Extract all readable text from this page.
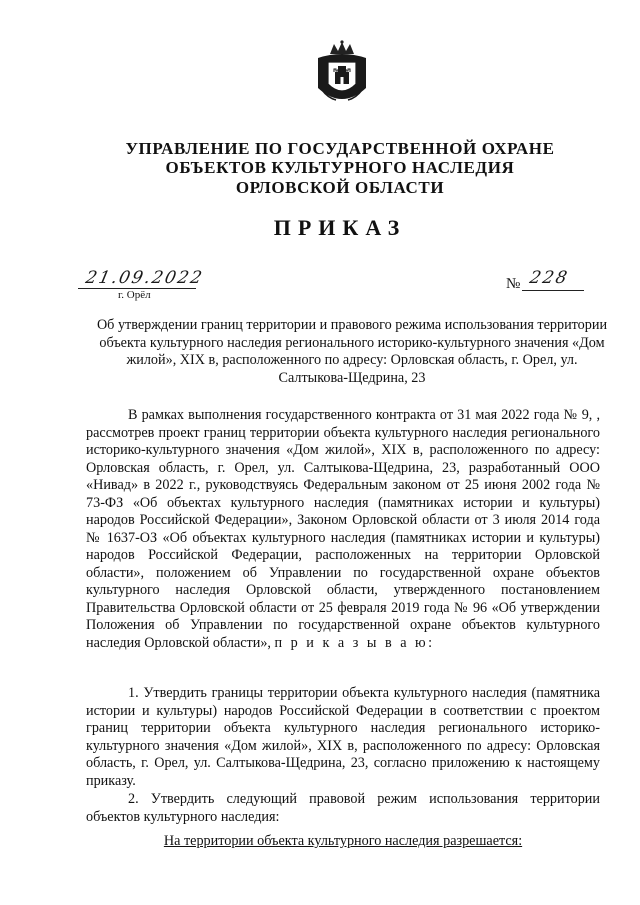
УПРАВЛЕНИЕ ПО ГОСУДАРСТВЕННОЙ ОХРАНЕ
ОБЪЕКТОВ КУЛЬТУРНОГО НАСЛЕДИЯ
ОРЛОВСКОЙ ОБЛАСТИ
ПРИКАЗ
21.09.2022
г. Орёл
№ 228
Об утверждении границ территории и правового режима использования территории объекта культурного наследия регионального историко-культурного значения «Дом жилой», XIX в, расположенного по адресу: Орловская область, г. Орел, ул. Салтыкова-Щедрина, 23
В рамках выполнения государственного контракта от 31 мая 2022 года № 9, , рассмотрев проект границ территории объекта культурного наследия регионального историко-культурного значения «Дом жилой», XIX в, расположенного по адресу: Орловская область, г. Орел, ул. Салтыкова-Щедрина, 23, разработанный ООО «Нивад» в 2022 г., руководствуясь Федеральным законом от 25 июня 2002 года № 73-ФЗ «Об объектах культурного наследия (памятниках истории и культуры) народов Российской Федерации», Законом Орловской области от 3 июля 2014 года № 1637-ОЗ «Об объектах культурного наследия (памятниках истории и культуры) народов Российской Федерации, расположенных на территории Орловской области», положением об Управлении по государственной охране объектов культурного наследия Орловской области, утвержденного постановлением Правительства Орловской области от 25 февраля 2019 года № 96 «Об утверждении Положения об Управлении по государственной охране объектов культурного наследия Орловской области», п р и к а з ы в а ю:
1. Утвердить границы территории объекта культурного наследия (памятника истории и культуры) народов Российской Федерации в соответствии с проектом границ территории объекта культурного наследия регионального историко-культурного значения «Дом жилой», XIX в, расположенного по адресу: Орловская область, г. Орел, ул. Салтыкова-Щедрина, 23, согласно приложению к настоящему приказу.
2. Утвердить следующий правовой режим использования территории объектов культурного наследия:
На территории объекта культурного наследия разрешается:
